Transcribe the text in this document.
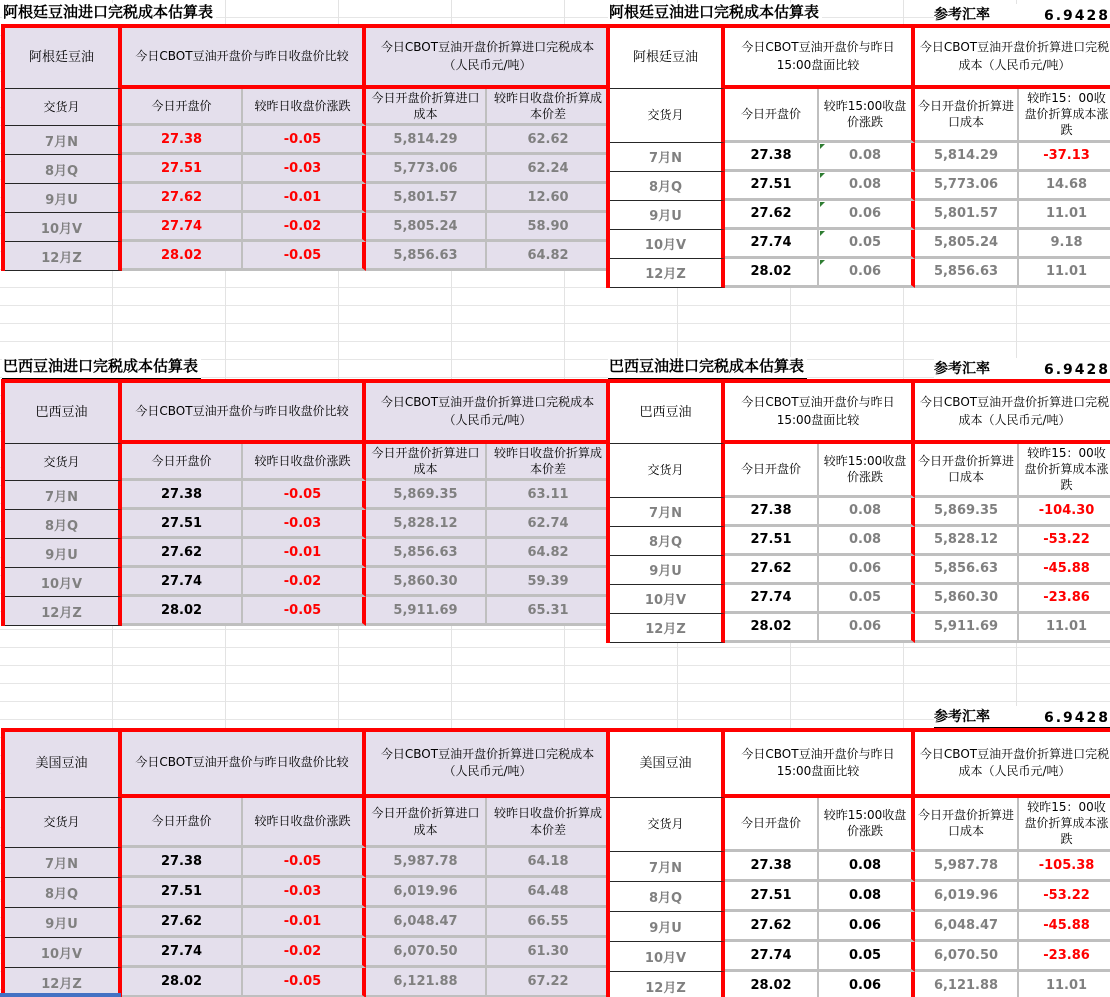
阿根廷豆油进口完税成本估算表	阿根廷豆油进口完税成本估算表	参考汇率	6.9428
阿根廷豆油	今日CBOT豆油开盘价与昨日收盘价比较		今日CBOT豆油开盘价折算进口完税成本（人民币元/吨）	
交货月	今日开盘价	较昨日收盘价涨跌	今日开盘价折算进口成本	较昨日收盘价折算成本价差
7月N	27.38	-0.05	5,814.29	62.62
8月Q	27.51	-0.03	5,773.06	62.24
9月U	27.62	-0.01	5,801.57	12.60
10月V	27.74	-0.02	5,805.24	58.90
12月Z	28.02	-0.05	5,856.63	64.82
阿根廷豆油	今日CBOT豆油开盘价与昨日15:00盘面比较		今日CBOT豆油开盘价折算进口完税成本（人民币元/吨）	
交货月	今日开盘价	较昨15:00收盘价涨跌	今日开盘价折算进口成本	较昨15：00收盘价折算成本涨跌
7月N	27.38	0.08	5,814.29	-37.13
8月Q	27.51	0.08	5,773.06	14.68
9月U	27.62	0.06	5,801.57	11.01
10月V	27.74	0.05	5,805.24	9.18
12月Z	28.02	0.06	5,856.63	11.01
巴西豆油进口完税成本估算表	巴西豆油进口完税成本估算表	参考汇率	6.9428
巴西豆油	今日CBOT豆油开盘价与昨日收盘价比较		今日CBOT豆油开盘价折算进口完税成本（人民币元/吨）	
交货月	今日开盘价	较昨日收盘价涨跌	今日开盘价折算进口成本	较昨日收盘价折算成本价差
7月N	27.38	-0.05	5,869.35	63.11
8月Q	27.51	-0.03	5,828.12	62.74
9月U	27.62	-0.01	5,856.63	64.82
10月V	27.74	-0.02	5,860.30	59.39
12月Z	28.02	-0.05	5,911.69	65.31
巴西豆油	今日CBOT豆油开盘价与昨日15:00盘面比较		今日CBOT豆油开盘价折算进口完税成本（人民币元/吨）	
交货月	今日开盘价	较昨15:00收盘价涨跌	今日开盘价折算进口成本	较昨15：00收盘价折算成本涨跌
7月N	27.38	0.08	5,869.35	-104.30
8月Q	27.51	0.08	5,828.12	-53.22
9月U	27.62	0.06	5,856.63	-45.88
10月V	27.74	0.05	5,860.30	-23.86
12月Z	28.02	0.06	5,911.69	11.01
参考汇率	6.9428
美国豆油	今日CBOT豆油开盘价与昨日收盘价比较		今日CBOT豆油开盘价折算进口完税成本（人民币元/吨）	
交货月	今日开盘价	较昨日收盘价涨跌	今日开盘价折算进口成本	较昨日收盘价折算成本价差
7月N	27.38	-0.05	5,987.78	64.18
8月Q	27.51	-0.03	6,019.96	64.48
9月U	27.62	-0.01	6,048.47	66.55
10月V	27.74	-0.02	6,070.50	61.30
12月Z	28.02	-0.05	6,121.88	67.22
美国豆油	今日CBOT豆油开盘价与昨日15:00盘面比较		今日CBOT豆油开盘价折算进口完税成本（人民币元/吨）	
交货月	今日开盘价	较昨15:00收盘价涨跌	今日开盘价折算进口成本	较昨15：00收盘价折算成本涨跌
7月N	27.38	0.08	5,987.78	-105.38
8月Q	27.51	0.08	6,019.96	-53.22
9月U	27.62	0.06	6,048.47	-45.88
10月V	27.74	0.05	6,070.50	-23.86
12月Z	28.02	0.06	6,121.88	11.01
